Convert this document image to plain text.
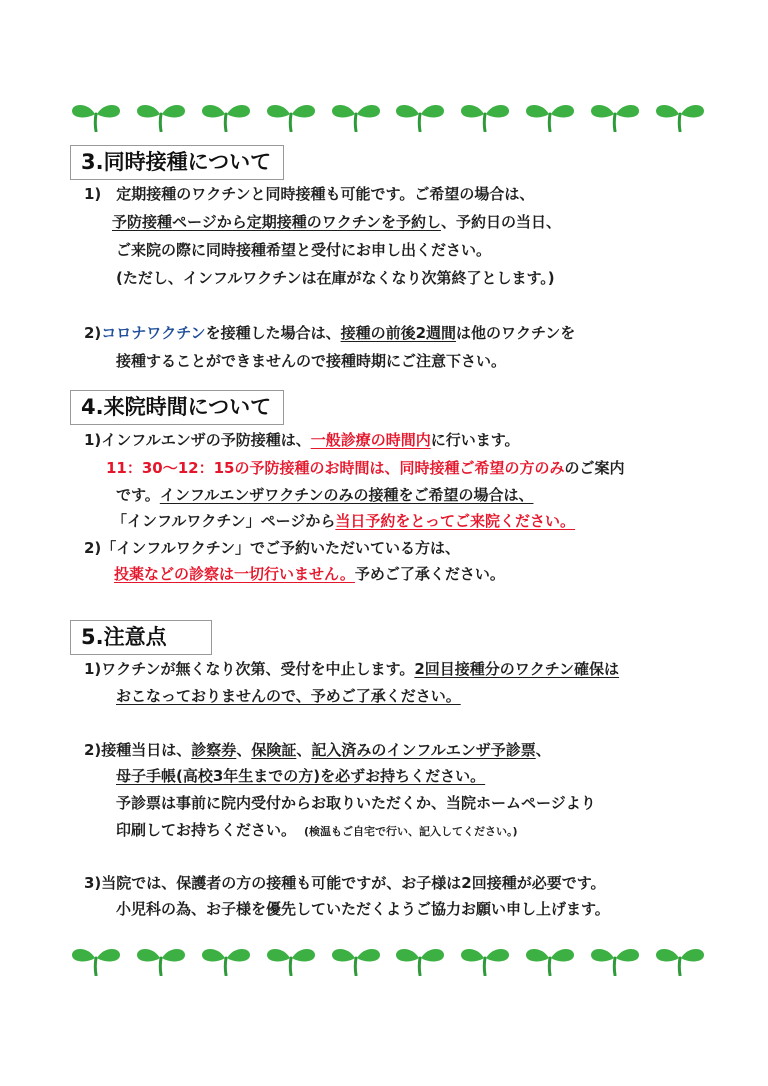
3.同時接種について
1)　定期接種のワクチンと同時接種も可能です。ご希望の場合は、
予防接種ページから定期接種のワクチンを予約し、予約日の当日、
ご来院の際に同時接種希望と受付にお申し出ください。
(ただし、インフルワクチンは在庫がなくなり次第終了とします。)
2)コロナワクチンを接種した場合は、接種の前後2週間は他のワクチンを
接種することができませんので接種時期にご注意下さい。
4.来院時間について
1)インフルエンザの予防接種は、一般診療の時間内に行います。
11：30〜12：15の予防接種のお時間は、同時接種ご希望の方のみのご案内
です。インフルエンザワクチンのみの接種をご希望の場合は、
「インフルワクチン」ページから当日予約をとってご来院ください。
2)「インフルワクチン」でご予約いただいている方は、
投薬などの診察は一切行いません。予めご了承ください。
5.注意点
1)ワクチンが無くなり次第、受付を中止します。2回目接種分のワクチン確保は
おこなっておりませんので、予めご了承ください。
2)接種当日は、診察券、保険証、記入済みのインフルエンザ予診票、
母子手帳(高校3年生までの方)を必ずお持ちください。
予診票は事前に院内受付からお取りいただくか、当院ホームページより
印刷してお持ちください。 (検温もご自宅で行い、記入してください。)
3)当院では、保護者の方の接種も可能ですが、お子様は2回接種が必要です。
小児科の為、お子様を優先していただくようご協力お願い申し上げます。
